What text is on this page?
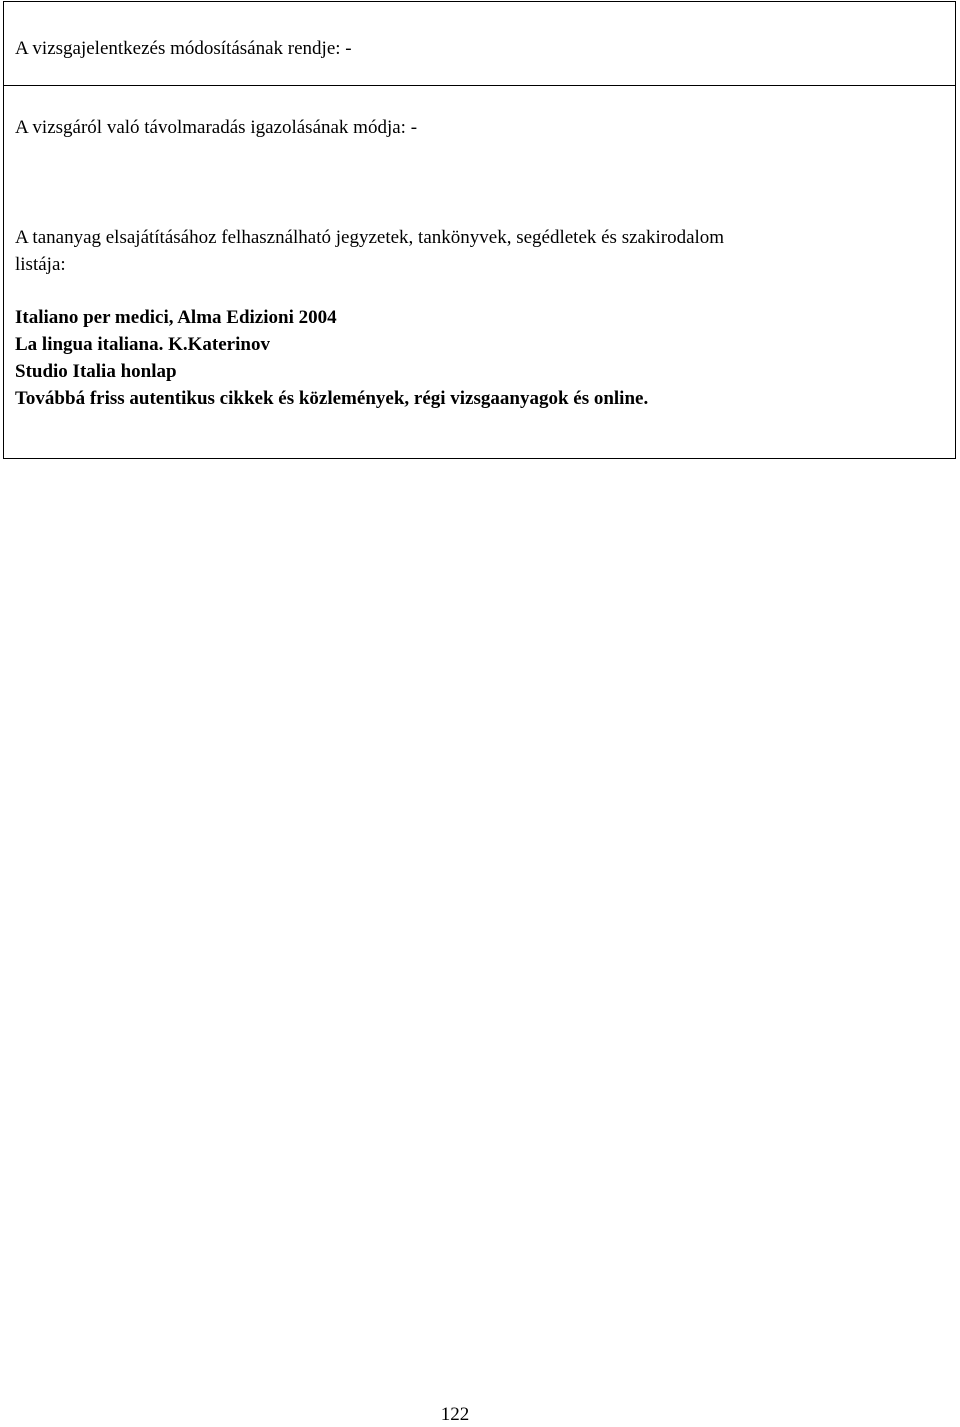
A vizsgajelentkezés módosításának rendje: -
A vizsgáról való távolmaradás igazolásának módja: -
A tananyag elsajátításához felhasználható jegyzetek, tankönyvek, segédletek és szakirodalom
listája:
Italiano per medici, Alma Edizioni 2004
La lingua italiana. K.Katerinov
Studio Italia honlap
Továbbá friss autentikus cikkek és közlemények, régi vizsgaanyagok és online.
122
